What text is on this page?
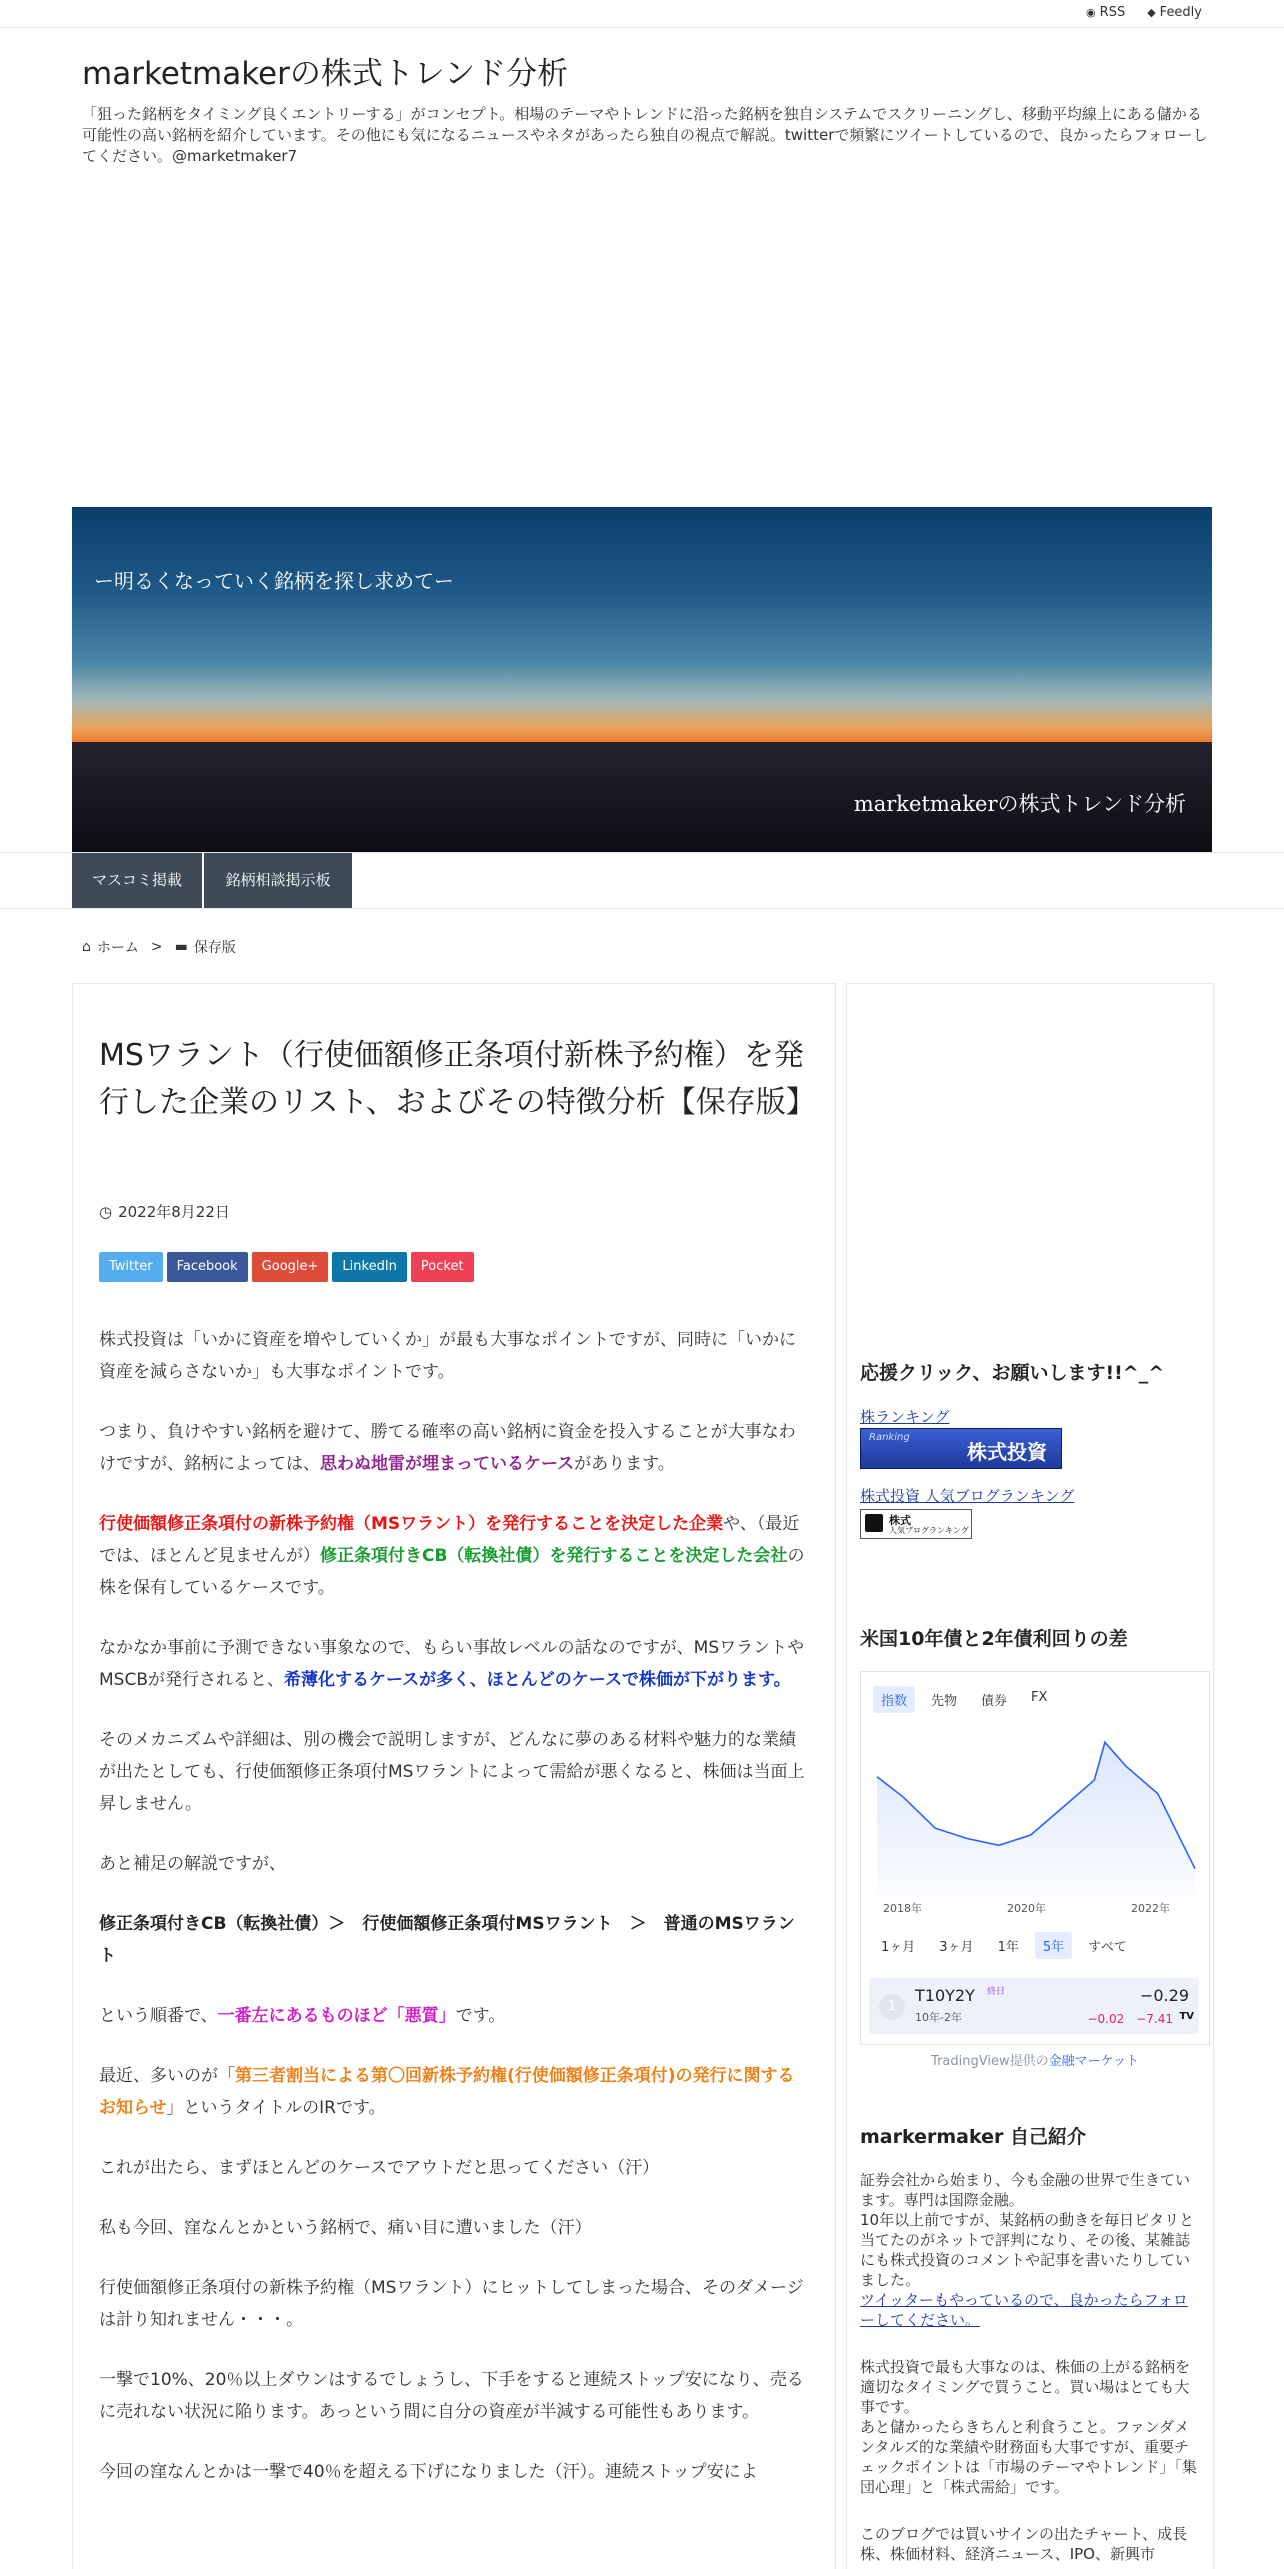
◉ RSS ◆ Feedly
marketmakerの株式トレンド分析
「狙った銘柄をタイミング良くエントリーする」がコンセプト。相場のテーマやトレンドに沿った銘柄を独自システムでスクリーニングし、移動平均線上にある儲かる可能性の高い銘柄を紹介しています。その他にも気になるニュースやネタがあったら独自の視点で解説。twitterで頻繁にツイートしているので、良かったらフォローしてください。@marketmaker7
ー明るくなっていく銘柄を探し求めてー
marketmakerの株式トレンド分析
マスコミ掲載	銘柄相談掲示板
⌂ ホーム > ▬ 保存版
MSワラント（行使価額修正条項付新株予約権）を発行した企業のリスト、およびその特徴分析【保存版】
◷ 2022年8月22日
Twitter	Facebook	Google+	LinkedIn	Pocket

株式投資は「いかに資産を増やしていくか」が最も大事なポイントですが、同時に「いかに資産を減らさないか」も大事なポイントです。

つまり、負けやすい銘柄を避けて、勝てる確率の高い銘柄に資金を投入することが大事なわけですが、銘柄によっては、思わぬ地雷が埋まっているケースがあります。

行使価額修正条項付の新株予約権（MSワラント）を発行することを決定した企業や、（最近では、ほとんど見ませんが）修正条項付きCB（転換社債）を発行することを決定した会社の株を保有しているケースです。

なかなか事前に予測できない事象なので、もらい事故レベルの話なのですが、MSワラントやMSCBが発行されると、希薄化するケースが多く、ほとんどのケースで株価が下がります。

そのメカニズムや詳細は、別の機会で説明しますが、どんなに夢のある材料や魅力的な業績が出たとしても、行使価額修正条項付MSワラントによって需給が悪くなると、株価は当面上昇しません。

あと補足の解説ですが、

修正条項付きCB（転換社債）＞　行使価額修正条項付MSワラント　＞　普通のMSワラント

という順番で、一番左にあるものほど「悪質」です。

最近、多いのが「第三者割当による第〇回新株予約権(行使価額修正条項付)の発行に関するお知らせ」というタイトルのIRです。

これが出たら、まずほとんどのケースでアウトだと思ってください（汗）

私も今回、窪なんとかという銘柄で、痛い目に遭いました（汗）

行使価額修正条項付の新株予約権（MSワラント）にヒットしてしまった場合、そのダメージは計り知れません・・・。

一撃で10%、20％以上ダウンはするでしょうし、下手をすると連続ストップ安になり、売るに売れない状況に陥ります。あっという間に自分の資産が半減する可能性もあります。

今回の窪なんとかは一撃で40％を超える下げになりました（汗）。連続ストップ安によ

応援クリック、お願いします!!^_^
株ランキング
Ranking
株式投資
株式投資 人気ブログランキング
株式
人気ブログランキング
米国10年債と2年債利回りの差
指数	先物	債券	FX
2018年	2020年	2022年
1ヶ月	3ヶ月	1年	5年	すべて
1
T10Y2Y 終日
10年-2年
−0.29
−0.02　−7.41 TV
TradingView提供の金融マーケット
markermaker 自己紹介
証券会社から始まり、今も金融の世界で生きています。専門は国際金融。
10年以上前ですが、某銘柄の動きを毎日ピタリと当てたのがネットで評判になり、その後、某雑誌にも株式投資のコメントや記事を書いたりしていました。
ツイッターもやっているので、良かったらフォローしてください。
株式投資で最も大事なのは、株価の上がる銘柄を適切なタイミングで買うこと。買い場はとても大事です。
あと儲かったらきちんと利食うこと。ファンダメンタルズ的な業績や財務面も大事ですが、重要チェックポイントは「市場のテーマやトレンド」「集団心理」と「株式需給」です。
このブログでは買いサインの出たチャート、成長株、株価材料、経済ニュース、IPO、新興市
